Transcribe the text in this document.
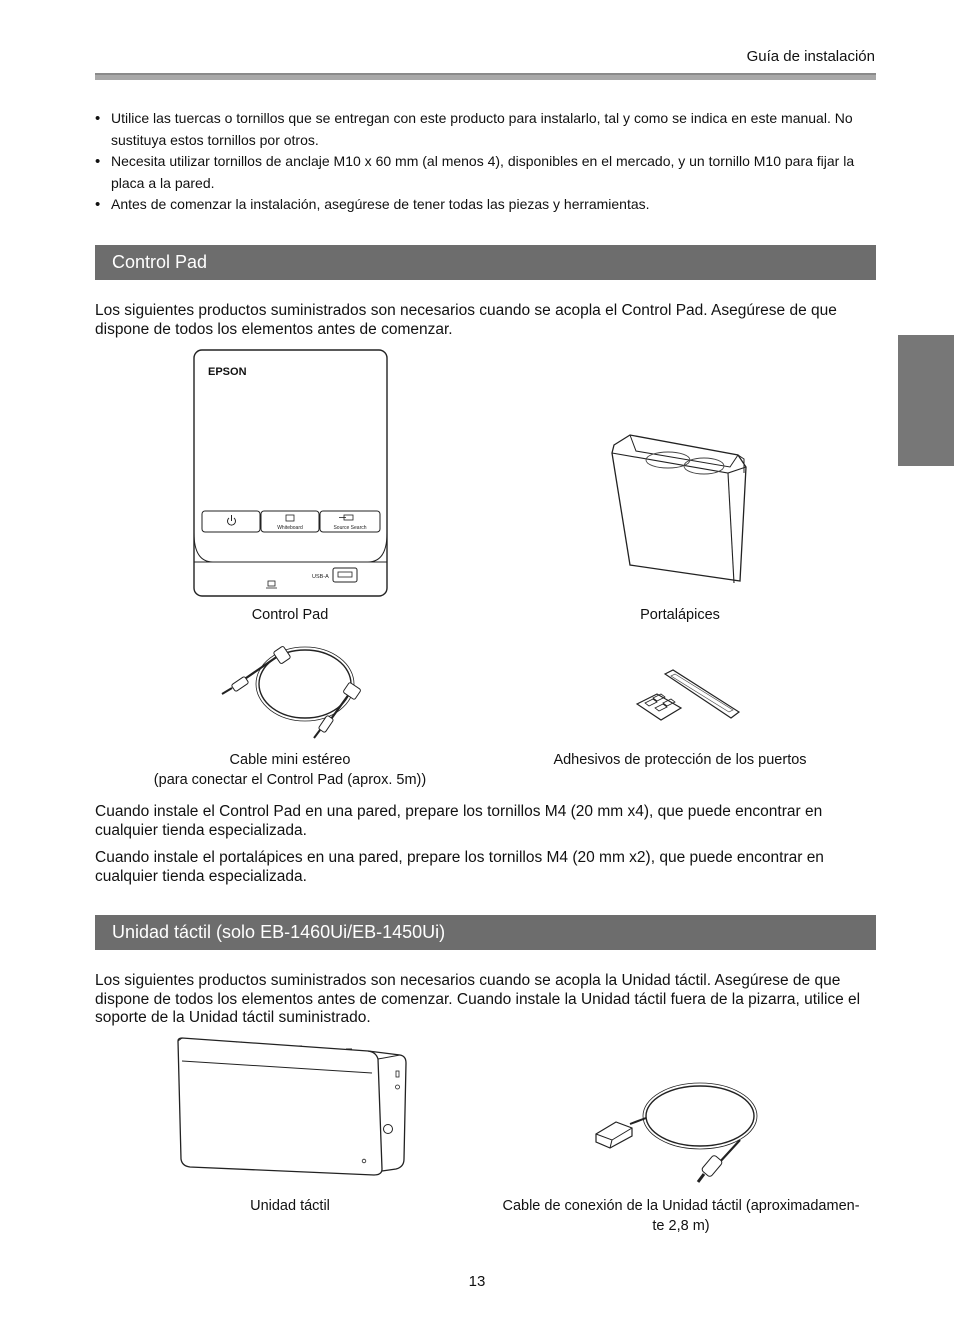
Guía de instalación
• Utilice las tuercas o tornillos que se entregan con este producto para instalarlo, tal y como se indica en este manual. No sustituya estos tornillos por otros.
• Necesita utilizar tornillos de anclaje M10 x 60 mm (al menos 4), disponibles en el mercado, y un tornillo M10 para fijar la placa a la pared.
• Antes de comenzar la instalación, asegúrese de tener todas las piezas y herramientas.
Control Pad

Los siguientes productos suministrados son necesarios cuando se acopla el Control Pad. Asegúrese de que dispone de todos los elementos antes de comenzar.

EPSON
Whiteboard	Source Search
USB-A
Control Pad	Portalápices
Cable mini estéreo
(para conectar el Control Pad (aprox. 5m))
Adhesivos de protección de los puertos

Cuando instale el Control Pad en una pared, prepare los tornillos M4 (20 mm x4), que puede encontrar en cualquier tienda especializada.

Cuando instale el portalápices en una pared, prepare los tornillos M4 (20 mm x2), que puede encontrar en cualquier tienda especializada.

Unidad táctil (solo EB-1460Ui/EB-1450Ui)

Los siguientes productos suministrados son necesarios cuando se acopla la Unidad táctil. Asegúrese de que dispone de todos los elementos antes de comenzar. Cuando instale la Unidad táctil fuera de la pizarra, utilice el soporte de la Unidad táctil suministrado.

Unidad táctil	Cable de conexión de la Unidad táctil (aproximadamen-
te 2,8 m)
13
